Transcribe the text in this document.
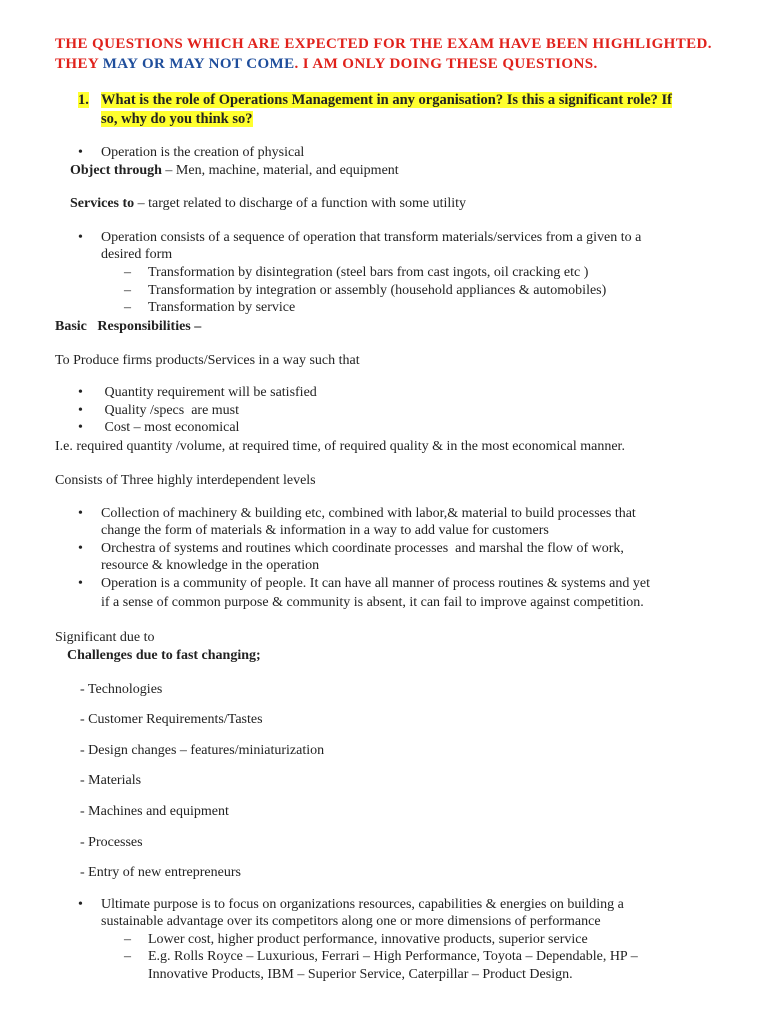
THE QUESTIONS WHICH ARE EXPECTED FOR THE EXAM HAVE BEEN HIGHLIGHTED.
THEY MAY OR MAY NOT COME. I AM ONLY DOING THESE QUESTIONS.
1. What is the role of Operations Management in any organisation? Is this a significant role? If
so, why do you think so?
• Operation is the creation of physical
Object through – Men, machine, material, and equipment
Services to – target related to discharge of a function with some utility
• Operation consists of a sequence of operation that transform materials/services from a given to a
desired form
– Transformation by disintegration (steel bars from cast ingots, oil cracking etc )
– Transformation by integration or assembly (household appliances & automobiles)
– Transformation by service
Basic   Responsibilities –
To Produce firms products/Services in a way such that
• Quantity requirement will be satisfied
• Quality /specs  are must
• Cost – most economical
I.e. required quantity /volume, at required time, of required quality & in the most economical manner.
Consists of Three highly interdependent levels
• Collection of machinery & building etc, combined with labor,& material to build processes that
change the form of materials & information in a way to add value for customers
• Orchestra of systems and routines which coordinate processes  and marshal the flow of work,
resource & knowledge in the operation
• Operation is a community of people. It can have all manner of process routines & systems and yet
if a sense of common purpose & community is absent, it can fail to improve against competition.
Significant due to
Challenges due to fast changing;
- Technologies
- Customer Requirements/Tastes
- Design changes – features/miniaturization
- Materials
- Machines and equipment
- Processes
- Entry of new entrepreneurs
• Ultimate purpose is to focus on organizations resources, capabilities & energies on building a
sustainable advantage over its competitors along one or more dimensions of performance
– Lower cost, higher product performance, innovative products, superior service
– E.g. Rolls Royce – Luxurious, Ferrari – High Performance, Toyota – Dependable, HP –
Innovative Products, IBM – Superior Service, Caterpillar – Product Design.
